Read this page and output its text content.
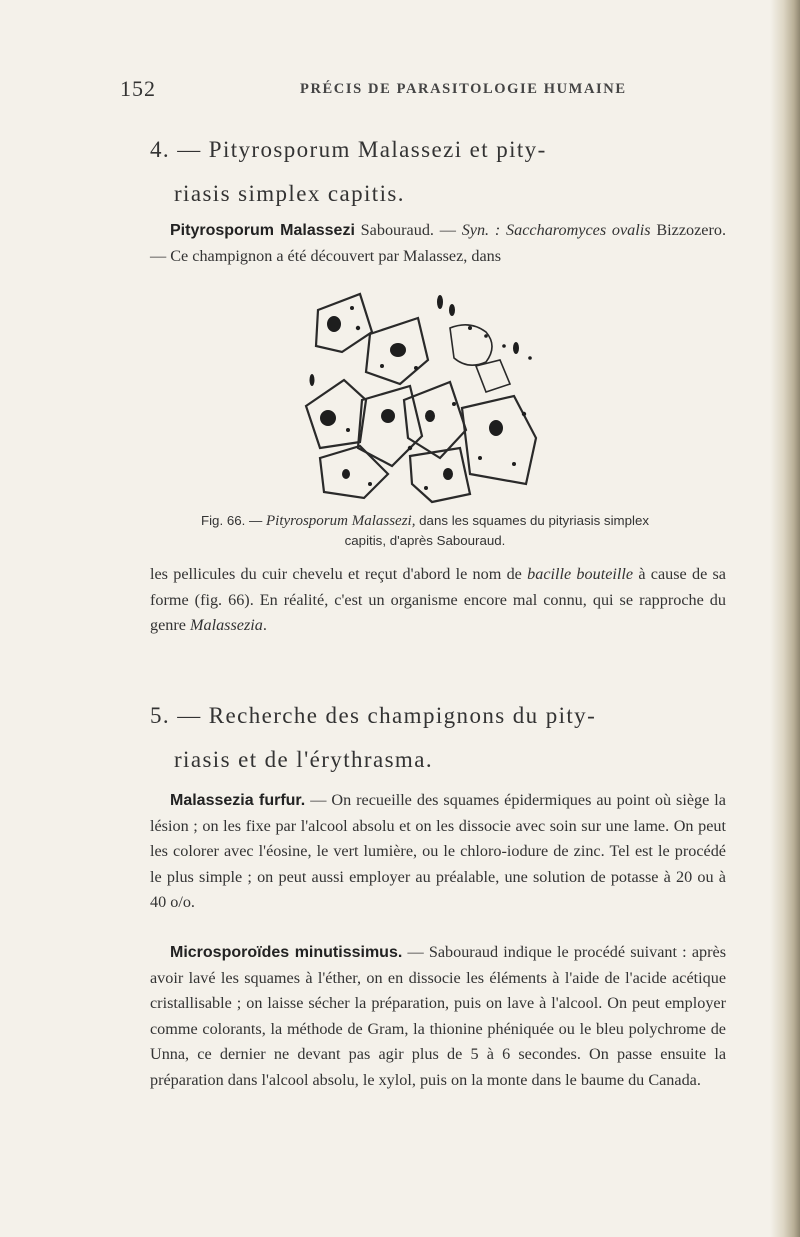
152	PRÉCIS DE PARASITOLOGIE HUMAINE
4. — Pityrosporum Malassezi et pity-
riasis simplex capitis.
Pityrosporum Malassezi Sabouraud. — Syn. : Saccharomyces ovalis Bizzozero. — Ce champignon a été découvert par Malassez, dans
Fig. 66. — Pityrosporum Malassezi, dans les squames du pityriasis simplex capitis, d'après Sabouraud.
les pellicules du cuir chevelu et reçut d'abord le nom de bacille bouteille à cause de sa forme (fig. 66). En réalité, c'est un organisme encore mal connu, qui se rapproche du genre Malassezia.
5. — Recherche des champignons du pity-
riasis et de l'érythrasma.
Malassezia furfur. — On recueille des squames épidermiques au point où siège la lésion ; on les fixe par l'alcool absolu et on les dissocie avec soin sur une lame. On peut les colorer avec l'éosine, le vert lumière, ou le chloro-iodure de zinc. Tel est le procédé le plus simple ; on peut aussi employer au préalable, une solution de potasse à 20 ou à 40 o/o.
Microsporoïdes minutissimus. — Sabouraud indique le procédé suivant : après avoir lavé les squames à l'éther, on en dissocie les éléments à l'aide de l'acide acétique cristallisable ; on laisse sécher la préparation, puis on lave à l'alcool. On peut employer comme colorants, la méthode de Gram, la thionine phéniquée ou le bleu polychrome de Unna, ce dernier ne devant pas agir plus de 5 à 6 secondes. On passe ensuite la préparation dans l'alcool absolu, le xylol, puis on la monte dans le baume du Canada.
